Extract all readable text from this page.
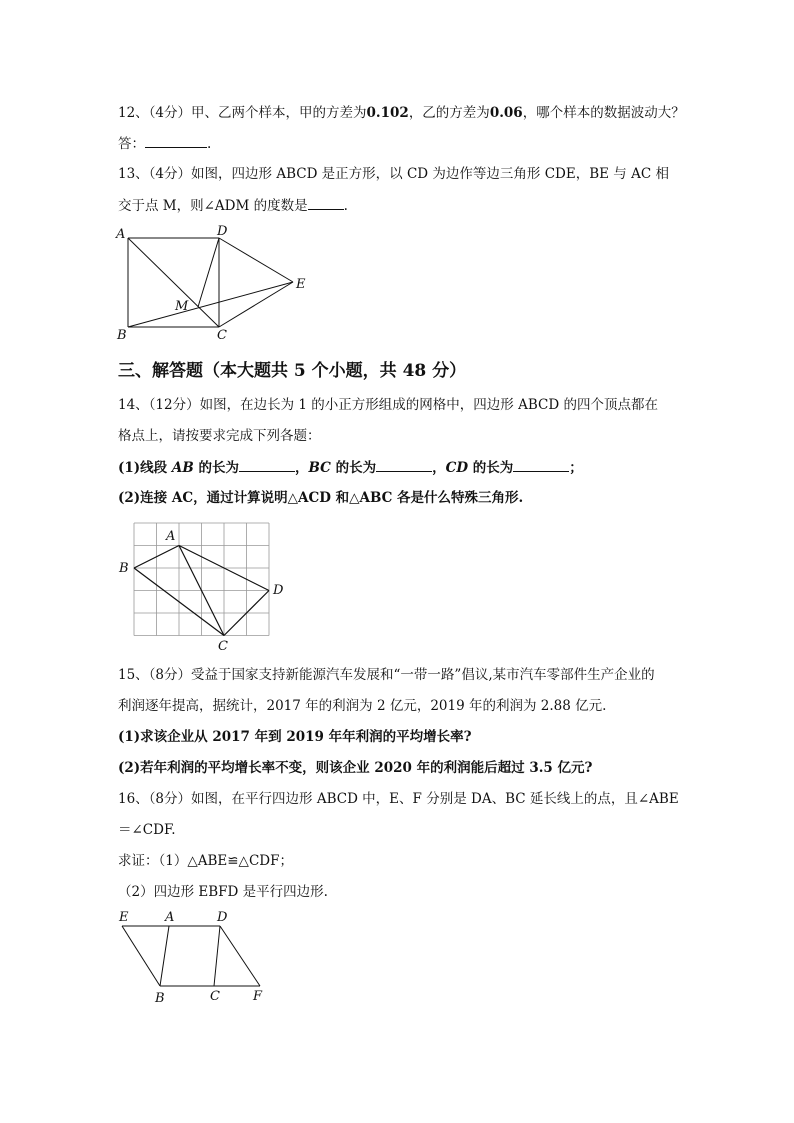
12、（4分）甲、乙两个样本，甲的方差为0.102，乙的方差为0.06，哪个样本的数据波动大？
答：	.
13、（4分）如图，四边形 ABCD 是正方形，以 CD 为边作等边三角形 CDE，BE 与 AC 相
交于点 M，则∠ADM 的度数是	.
A	D
E
M
B	C
三、解答题（本大题共 5 个小题，共 48 分）
14、（12分）如图，在边长为 1 的小正方形组成的网格中，四边形 ABCD 的四个顶点都在
格点上，请按要求完成下列各题：
(1)线段 AB 的长为	，BC 的长为	，CD 的长为	；
(2)连接 AC，通过计算说明△ACD 和△ABC 各是什么特殊三角形.
A
B
D
C
15、（8分）受益于国家支持新能源汽车发展和“一带一路”倡议,某市汽车零部件生产企业的
利润逐年提高，据统计，2017 年的利润为 2 亿元，2019 年的利润为 2.88 亿元.
(1)求该企业从 2017 年到 2019 年年利润的平均增长率?
(2)若年利润的平均增长率不变，则该企业 2020 年的利润能后超过 3.5 亿元?
16、（8分）如图，在平行四边形 ABCD 中，E、F 分别是 DA、BC 延长线上的点，且∠ABE
＝∠CDF.
求证：（1）△ABE≌△CDF；
（2）四边形 EBFD 是平行四边形.
E	A	D
B	C	F
